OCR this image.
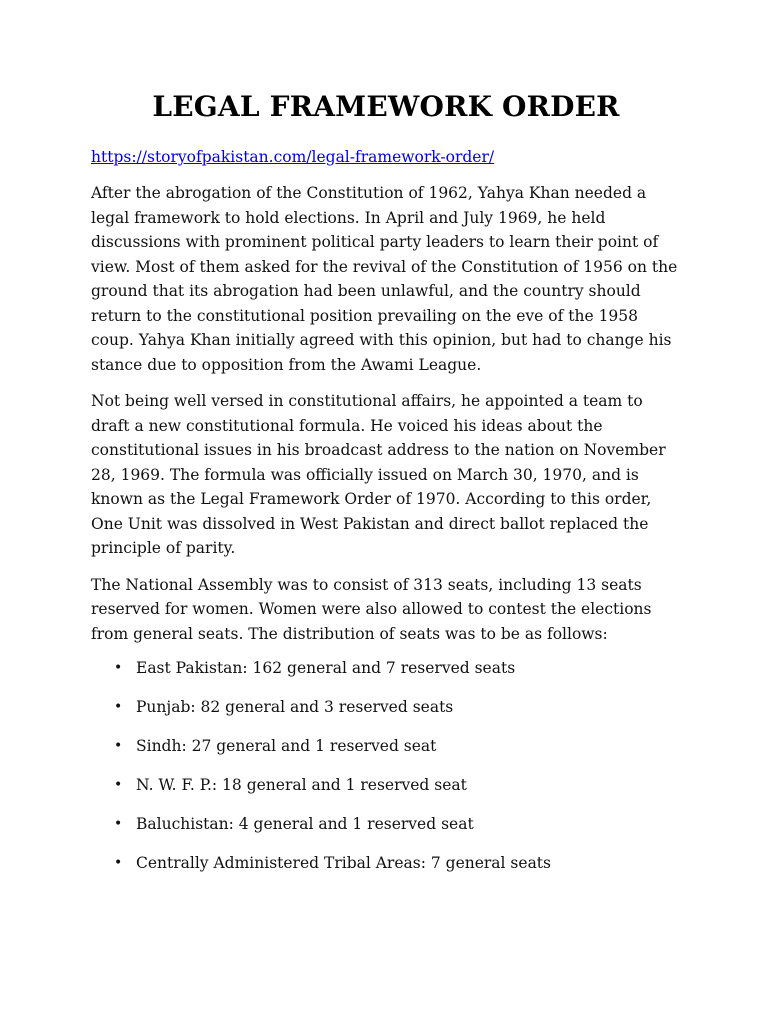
LEGAL FRAMEWORK ORDER
https://storyofpakistan.com/legal-framework-order/

After the abrogation of the Constitution of 1962, Yahya Khan needed a legal framework to hold elections. In April and July 1969, he held discussions with prominent political party leaders to learn their point of view. Most of them asked for the revival of the Constitution of 1956 on the ground that its abrogation had been unlawful, and the country should return to the constitutional position prevailing on the eve of the 1958 coup. Yahya Khan initially agreed with this opinion, but had to change his stance due to opposition from the Awami League.

Not being well versed in constitutional affairs, he appointed a team to draft a new constitutional formula. He voiced his ideas about the constitutional issues in his broadcast address to the nation on November 28, 1969. The formula was officially issued on March 30, 1970, and is known as the Legal Framework Order of 1970. According to this order, One Unit was dissolved in West Pakistan and direct ballot replaced the principle of parity.

The National Assembly was to consist of 313 seats, including 13 seats reserved for women. Women were also allowed to contest the elections from general seats. The distribution of seats was to be as follows:

• East Pakistan: 162 general and 7 reserved seats
• Punjab: 82 general and 3 reserved seats
• Sindh: 27 general and 1 reserved seat
• N. W. F. P.: 18 general and 1 reserved seat
• Baluchistan: 4 general and 1 reserved seat
• Centrally Administered Tribal Areas: 7 general seats
